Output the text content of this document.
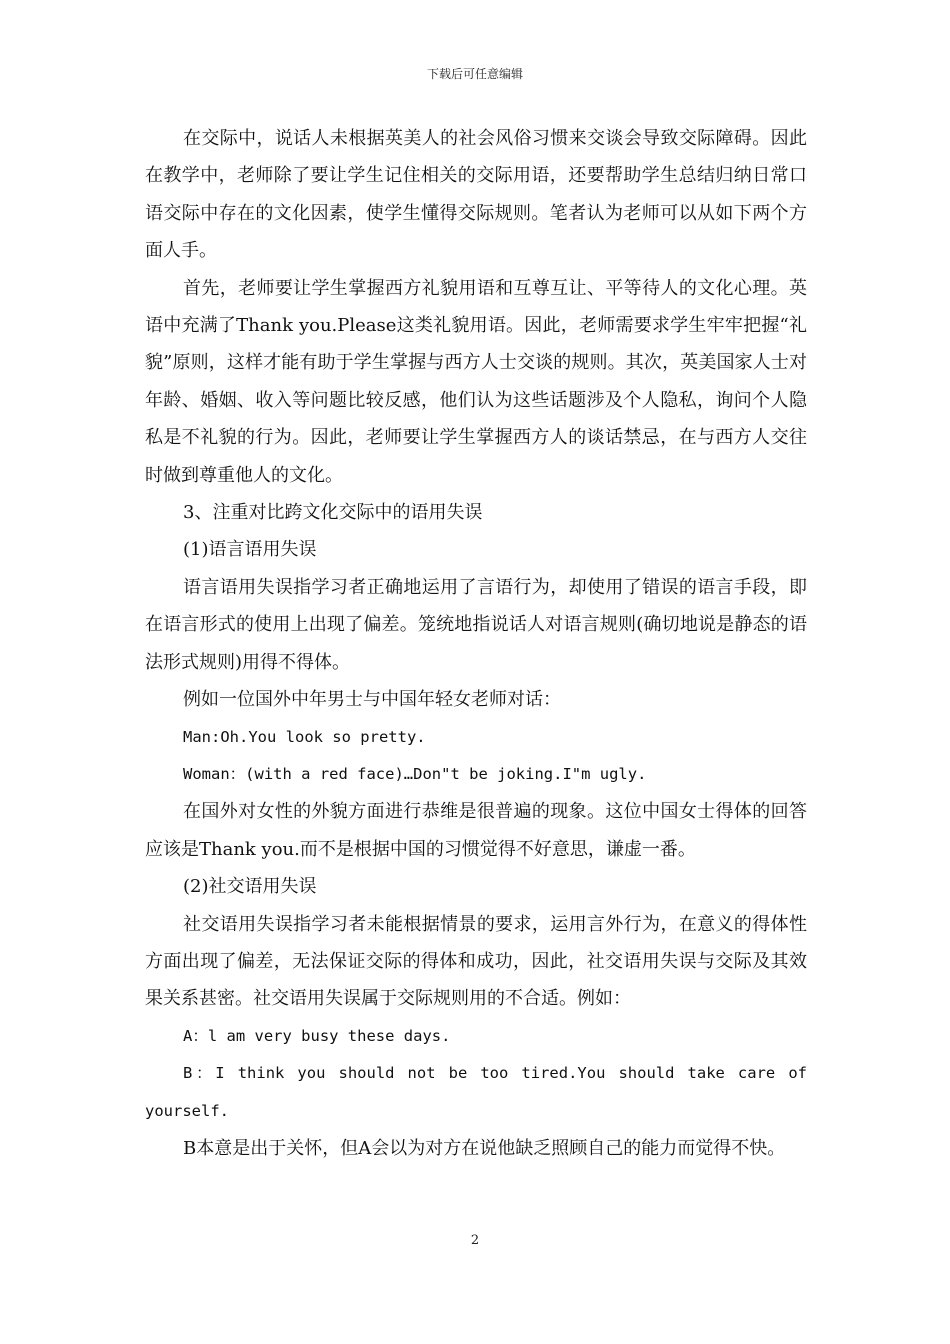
下载后可任意编辑

在交际中，说话人未根据英美人的社会风俗习惯来交谈会导致交际障碍。因此在教学中，老师除了要让学生记住相关的交际用语，还要帮助学生总结归纳日常口语交际中存在的文化因素，使学生懂得交际规则。笔者认为老师可以从如下两个方面人手。

首先，老师要让学生掌握西方礼貌用语和互尊互让、平等待人的文化心理。英语中充满了Thank you.Please这类礼貌用语。因此，老师需要求学生牢牢把握“礼貌”原则，这样才能有助于学生掌握与西方人士交谈的规则。其次，英美国家人士对年龄、婚姻、收入等问题比较反感，他们认为这些话题涉及个人隐私，询问个人隐私是不礼貌的行为。因此，老师要让学生掌握西方人的谈话禁忌，在与西方人交往时做到尊重他人的文化。

3、注重对比跨文化交际中的语用失误

(1)语言语用失误

语言语用失误指学习者正确地运用了言语行为，却使用了错误的语言手段，即在语言形式的使用上出现了偏差。笼统地指说话人对语言规则(确切地说是静态的语法形式规则)用得不得体。

例如一位国外中年男士与中国年轻女老师对话：

Man:Oh.You look so pretty.

Woman：(with a red face)…Don"t be joking.I"m ugly.

在国外对女性的外貌方面进行恭维是很普遍的现象。这位中国女士得体的回答应该是Thank you.而不是根据中国的习惯觉得不好意思，谦虚一番。

(2)社交语用失误

社交语用失误指学习者未能根据情景的要求，运用言外行为，在意义的得体性方面出现了偏差，无法保证交际的得体和成功，因此，社交语用失误与交际及其效果关系甚密。社交语用失误属于交际规则用的不合适。例如：

A：l am very busy these days.

B：I think you should not be too tired.You should take care of yourself.

B本意是出于关怀，但A会以为对方在说他缺乏照顾自己的能力而觉得不快。

2
